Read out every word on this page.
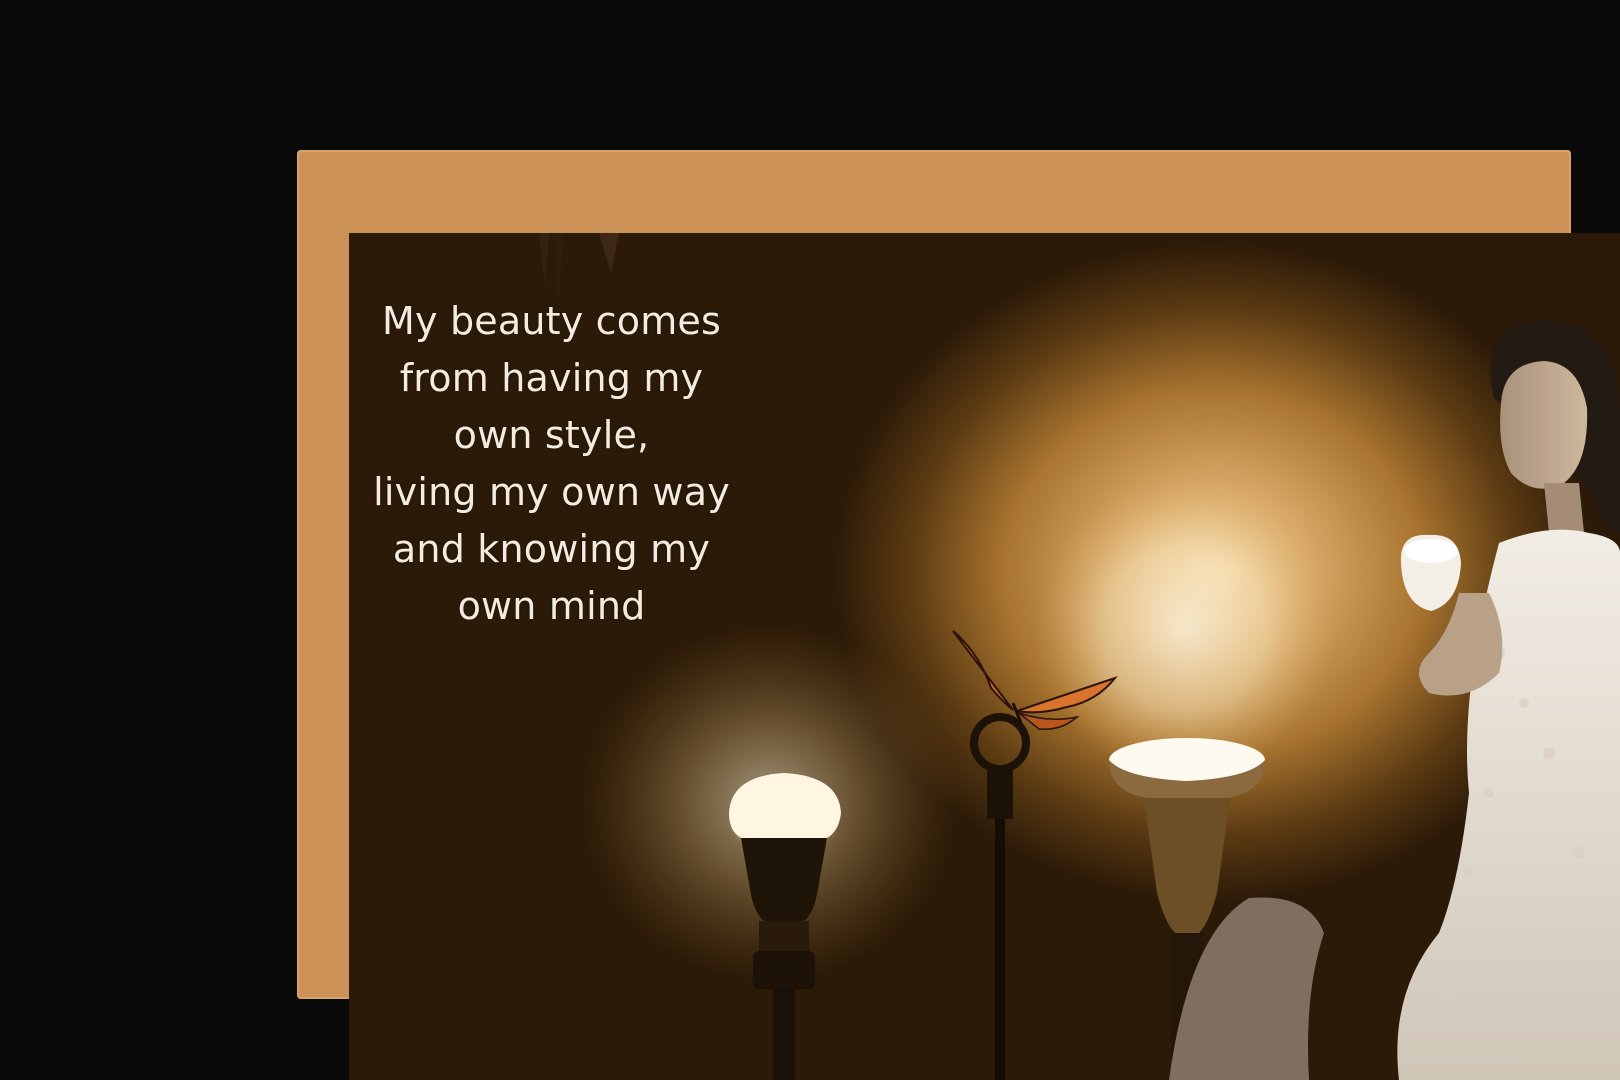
My beauty comes
from having my
own style,
living my own way
and knowing my
own mind
